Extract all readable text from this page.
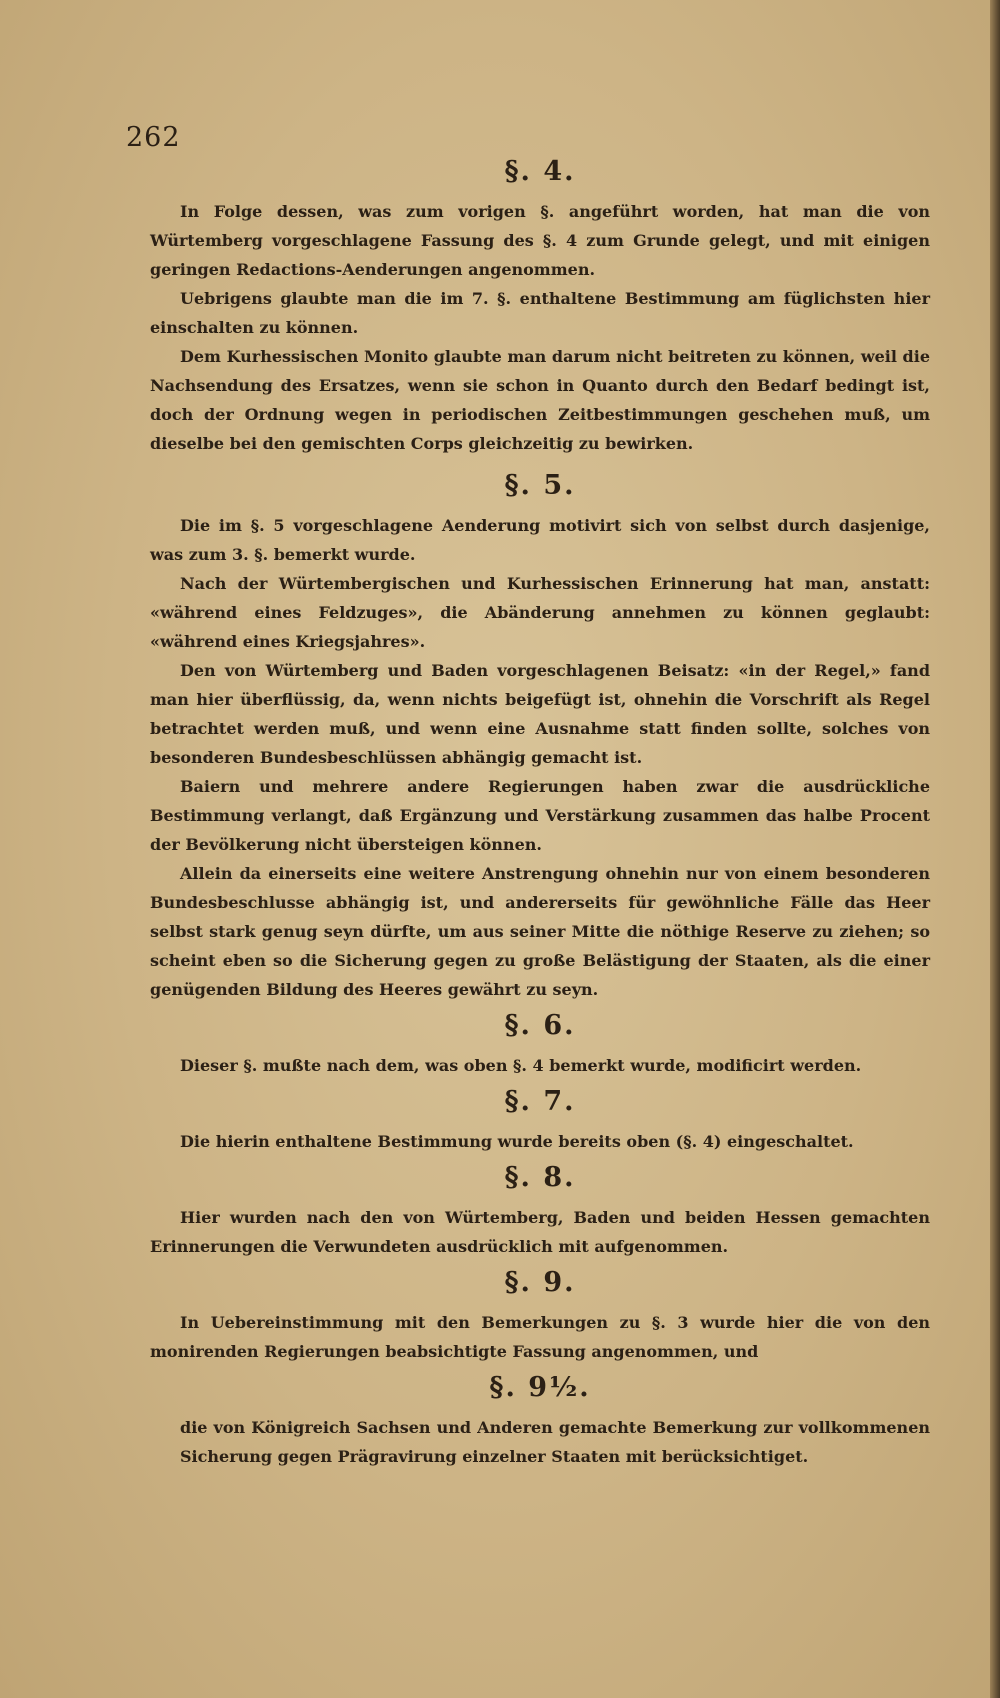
262
§. 4.

In Folge dessen, was zum vorigen §. angeführt worden, hat man die von Würtemberg vorgeschlagene Fassung des §. 4 zum Grunde gelegt, und mit einigen geringen Redactions-Aenderungen angenommen.

Uebrigens glaubte man die im 7. §. enthaltene Bestimmung am füglichsten hier einschalten zu können.

Dem Kurhessischen Monito glaubte man darum nicht beitreten zu können, weil die Nachsendung des Ersatzes, wenn sie schon in Quanto durch den Bedarf bedingt ist, doch der Ordnung wegen in periodischen Zeitbestimmungen geschehen muß, um dieselbe bei den gemischten Corps gleichzeitig zu bewirken.

§. 5.

Die im §. 5 vorgeschlagene Aenderung motivirt sich von selbst durch dasjenige, was zum 3. §. bemerkt wurde.

Nach der Würtembergischen und Kurhessischen Erinnerung hat man, anstatt: «während eines Feldzuges», die Abänderung annehmen zu können geglaubt: «während eines Kriegsjahres».

Den von Würtemberg und Baden vorgeschlagenen Beisatz: «in der Regel,» fand man hier überflüssig, da, wenn nichts beigefügt ist, ohnehin die Vorschrift als Regel betrachtet werden muß, und wenn eine Ausnahme statt finden sollte, solches von besonderen Bundesbeschlüssen abhängig gemacht ist.

Baiern und mehrere andere Regierungen haben zwar die ausdrückliche Bestimmung verlangt, daß Ergänzung und Verstärkung zusammen das halbe Procent der Bevölkerung nicht übersteigen können.

Allein da einerseits eine weitere Anstrengung ohnehin nur von einem besonderen Bundesbeschlusse abhängig ist, und andererseits für gewöhnliche Fälle das Heer selbst stark genug seyn dürfte, um aus seiner Mitte die nöthige Reserve zu ziehen; so scheint eben so die Sicherung gegen zu große Belästigung der Staaten, als die einer genügenden Bildung des Heeres gewährt zu seyn.

§. 6.

Dieser §. mußte nach dem, was oben §. 4 bemerkt wurde, modificirt werden.

§. 7.

Die hierin enthaltene Bestimmung wurde bereits oben (§. 4) eingeschaltet.

§. 8.

Hier wurden nach den von Würtemberg, Baden und beiden Hessen gemachten Erinnerungen die Verwundeten ausdrücklich mit aufgenommen.

§. 9.

In Uebereinstimmung mit den Bemerkungen zu §. 3 wurde hier die von den monirenden Regierungen beabsichtigte Fassung angenommen, und

§. 9½.

die von Königreich Sachsen und Anderen gemachte Bemerkung zur vollkommenen Sicherung gegen Prägravirung einzelner Staaten mit berücksichtiget.
